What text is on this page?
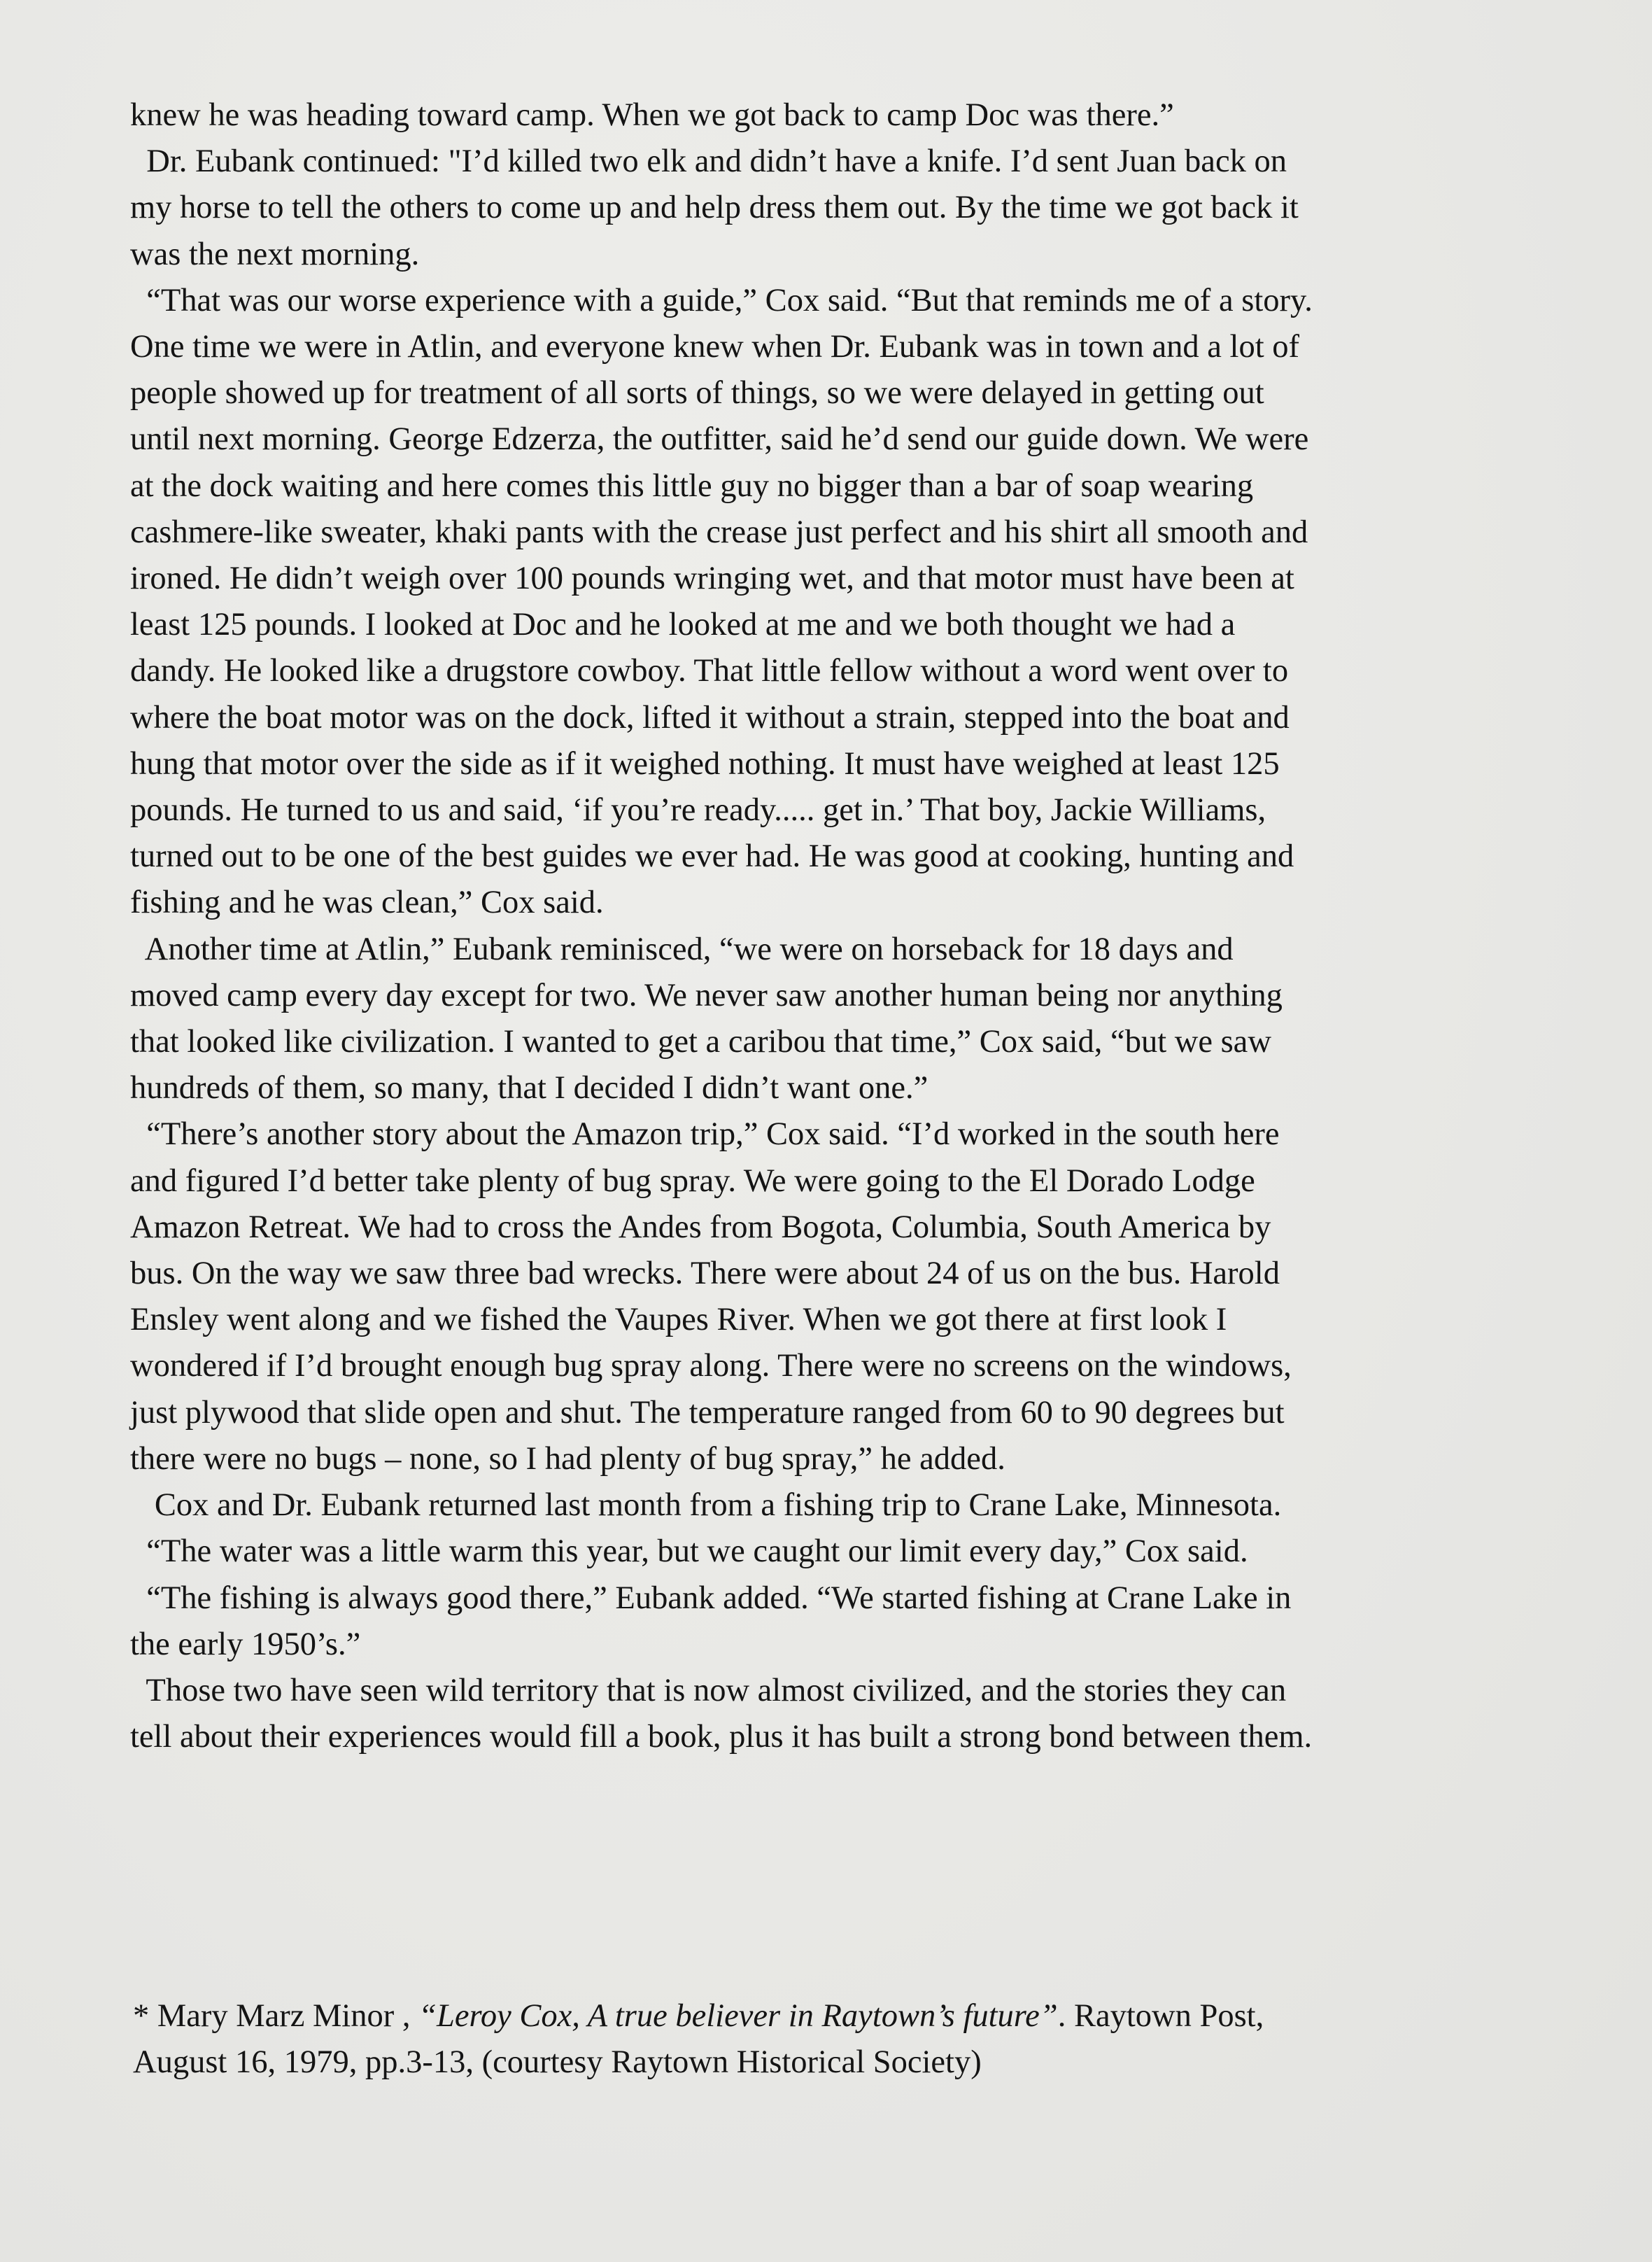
knew he was heading toward camp. When we got back to camp Doc was there.”
Dr. Eubank continued: "I’d killed two elk and didn’t have a knife. I’d sent Juan back on
my horse to tell the others to come up and help dress them out. By the time we got back it
was the next morning.
“That was our worse experience with a guide,” Cox said. “But that reminds me of a story.
One time we were in Atlin, and everyone knew when Dr. Eubank was in town and a lot of
people showed up for treatment of all sorts of things, so we were delayed in getting out
until next morning. George Edzerza, the outfitter, said he’d send our guide down. We were
at the dock waiting and here comes this little guy no bigger than a bar of soap wearing
cashmere-like sweater, khaki pants with the crease just perfect and his shirt all smooth and
ironed. He didn’t weigh over 100 pounds wringing wet, and that motor must have been at
least 125 pounds. I looked at Doc and he looked at me and we both thought we had a
dandy. He looked like a drugstore cowboy. That little fellow without a word went over to
where the boat motor was on the dock, lifted it without a strain, stepped into the boat and
hung that motor over the side as if it weighed nothing. It must have weighed at least 125
pounds. He turned to us and said, ‘if you’re ready..... get in.’ That boy, Jackie Williams,
turned out to be one of the best guides we ever had. He was good at cooking, hunting and
fishing and he was clean,” Cox said.
Another time at Atlin,” Eubank reminisced, “we were on horseback for 18 days and
moved camp every day except for two. We never saw another human being nor anything
that looked like civilization. I wanted to get a caribou that time,” Cox said, “but we saw
hundreds of them, so many, that I decided I didn’t want one.”
“There’s another story about the Amazon trip,” Cox said. “I’d worked in the south here
and figured I’d better take plenty of bug spray. We were going to the El Dorado Lodge
Amazon Retreat. We had to cross the Andes from Bogota, Columbia, South America by
bus. On the way we saw three bad wrecks. There were about 24 of us on the bus. Harold
Ensley went along and we fished the Vaupes River. When we got there at first look I
wondered if I’d brought enough bug spray along. There were no screens on the windows,
just plywood that slide open and shut. The temperature ranged from 60 to 90 degrees but
there were no bugs – none, so I had plenty of bug spray,” he added.
Cox and Dr. Eubank returned last month from a fishing trip to Crane Lake, Minnesota.
“The water was a little warm this year, but we caught our limit every day,” Cox said.
“The fishing is always good there,” Eubank added. “We started fishing at Crane Lake in
the early 1950’s.”
Those two have seen wild territory that is now almost civilized, and the stories they can
tell about their experiences would fill a book, plus it has built a strong bond between them.
* Mary Marz Minor , “Leroy Cox, A true believer in Raytown’s future”. Raytown Post,
August 16, 1979, pp.3-13, (courtesy Raytown Historical Society)
